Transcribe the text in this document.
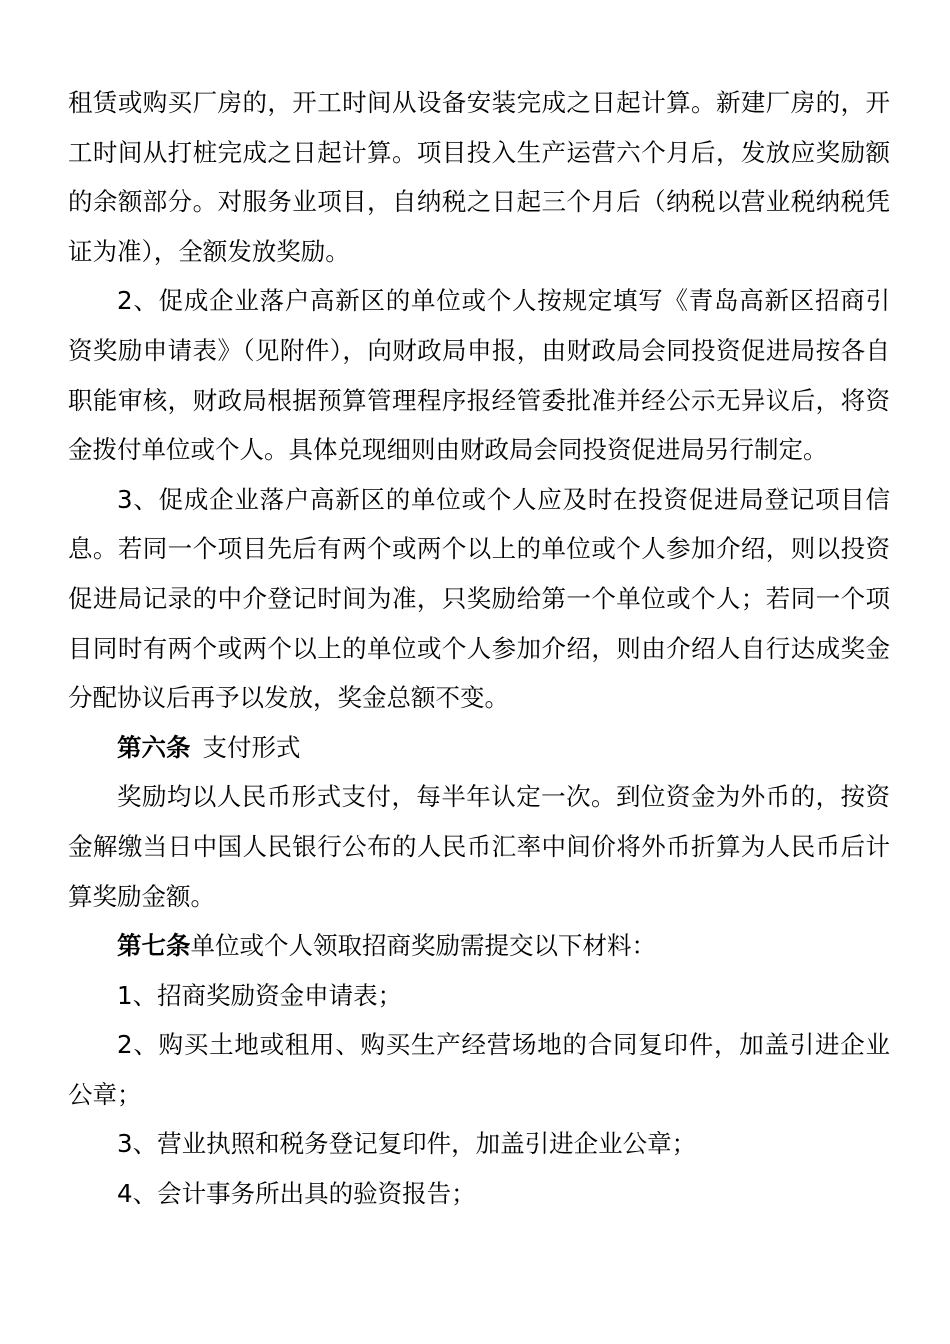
租赁或购买厂房的，开工时间从设备安装完成之日起计算。新建厂房的，开工时间从打桩完成之日起计算。项目投入生产运营六个月后，发放应奖励额的余额部分。对服务业项目，自纳税之日起三个月后（纳税以营业税纳税凭证为准），全额发放奖励。

2、促成企业落户高新区的单位或个人按规定填写《青岛高新区招商引资奖励申请表》（见附件），向财政局申报，由财政局会同投资促进局按各自职能审核，财政局根据预算管理程序报经管委批准并经公示无异议后，将资金拨付单位或个人。具体兑现细则由财政局会同投资促进局另行制定。

3、促成企业落户高新区的单位或个人应及时在投资促进局登记项目信息。若同一个项目先后有两个或两个以上的单位或个人参加介绍，则以投资促进局记录的中介登记时间为准，只奖励给第一个单位或个人；若同一个项目同时有两个或两个以上的单位或个人参加介绍，则由介绍人自行达成奖金分配协议后再予以发放，奖金总额不变。

第六条 支付形式

奖励均以人民币形式支付，每半年认定一次。到位资金为外币的，按资金解缴当日中国人民银行公布的人民币汇率中间价将外币折算为人民币后计算奖励金额。

第七条单位或个人领取招商奖励需提交以下材料：

1、招商奖励资金申请表；

2、购买土地或租用、购买生产经营场地的合同复印件，加盖引进企业公章；

3、营业执照和税务登记复印件，加盖引进企业公章；

4、会计事务所出具的验资报告；
